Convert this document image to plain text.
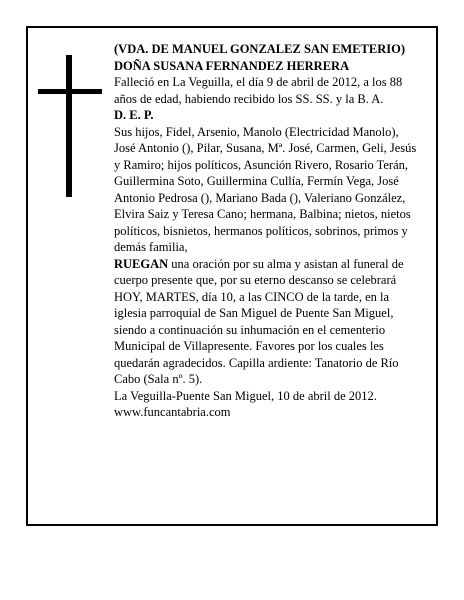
(VDA. DE MANUEL GONZALEZ SAN EMETERIO)

DOÑA SUSANA FERNANDEZ HERRERA

Falleció en La Veguilla, el día 9 de abril de 2012, a los 88 años de edad, habiendo recibido los SS. SS. y la B. A.

D. E. P.

Sus hijos, Fidel, Arsenio, Manolo (Electricidad Manolo), José Antonio (), Pilar, Susana, Mª. José, Carmen, Geli, Jesús y Ramiro; hijos políticos, Asunción Rivero, Rosario Terán, Guillermina Soto, Guillermina Cullía, Fermín Vega, José Antonio Pedrosa (), Mariano Bada (), Valeriano González, Elvira Saiz y Teresa Cano; hermana, Balbina; nietos, nietos políticos, bisnietos, hermanos políticos, sobrinos, primos y demás familia,

RUEGAN una oración por su alma y asistan al funeral de cuerpo presente que, por su eterno descanso se celebrará HOY, MARTES, día 10, a las CINCO de la tarde, en la iglesia parroquial de San Miguel de Puente San Miguel, siendo a continuación su inhumación en el cementerio Municipal de Villapresente. Favores por los cuales les quedarán agradecidos. Capilla ardiente: Tanatorio de Río Cabo (Sala nº. 5).

La Veguilla-Puente San Miguel, 10 de abril de 2012.

www.funcantabria.com
